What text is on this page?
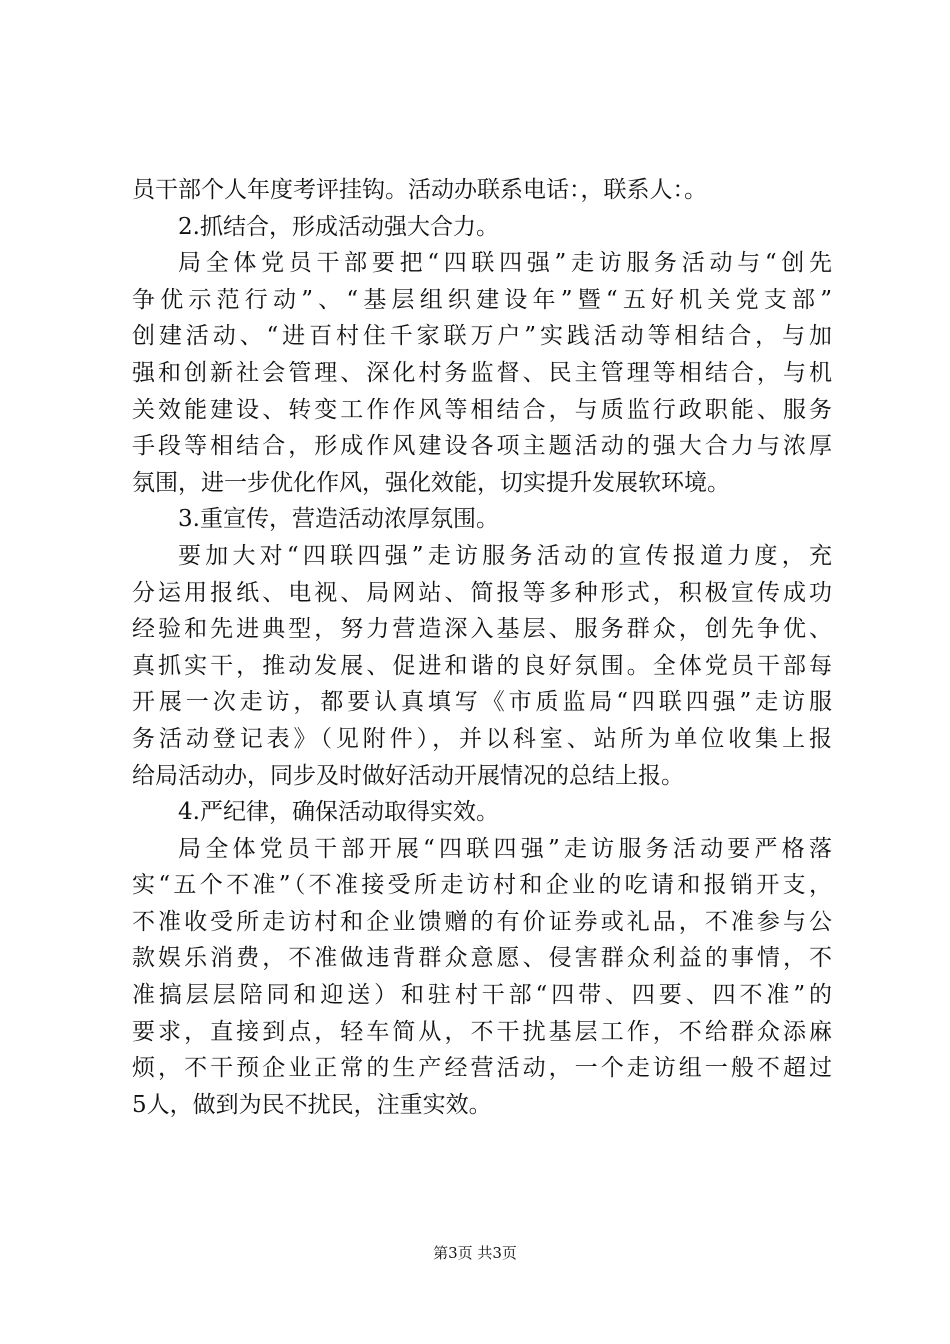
员干部个人年度考评挂钩。活动办联系电话：，联系人：。
2.抓结合，形成活动强大合力。
局全体党员干部要把“四联四强”走访服务活动与“创先
争优示范行动”、“基层组织建设年”暨“五好机关党支部”
创建活动、“进百村住千家联万户”实践活动等相结合，与加
强和创新社会管理、深化村务监督、民主管理等相结合，与机
关效能建设、转变工作作风等相结合，与质监行政职能、服务
手段等相结合，形成作风建设各项主题活动的强大合力与浓厚
氛围，进一步优化作风，强化效能，切实提升发展软环境。
3.重宣传，营造活动浓厚氛围。
要加大对“四联四强”走访服务活动的宣传报道力度，充
分运用报纸、电视、局网站、简报等多种形式，积极宣传成功
经验和先进典型，努力营造深入基层、服务群众，创先争优、
真抓实干，推动发展、促进和谐的良好氛围。全体党员干部每
开展一次走访，都要认真填写《市质监局“四联四强”走访服
务活动登记表》（见附件），并以科室、站所为单位收集上报
给局活动办，同步及时做好活动开展情况的总结上报。
4.严纪律，确保活动取得实效。
局全体党员干部开展“四联四强”走访服务活动要严格落
实“五个不准”（不准接受所走访村和企业的吃请和报销开支，
不准收受所走访村和企业馈赠的有价证券或礼品，不准参与公
款娱乐消费，不准做违背群众意愿、侵害群众利益的事情，不
准搞层层陪同和迎送）和驻村干部“四带、四要、四不准”的
要求，直接到点，轻车简从，不干扰基层工作，不给群众添麻
烦，不干预企业正常的生产经营活动，一个走访组一般不超过
5人，做到为民不扰民，注重实效。
第3页 共3页
